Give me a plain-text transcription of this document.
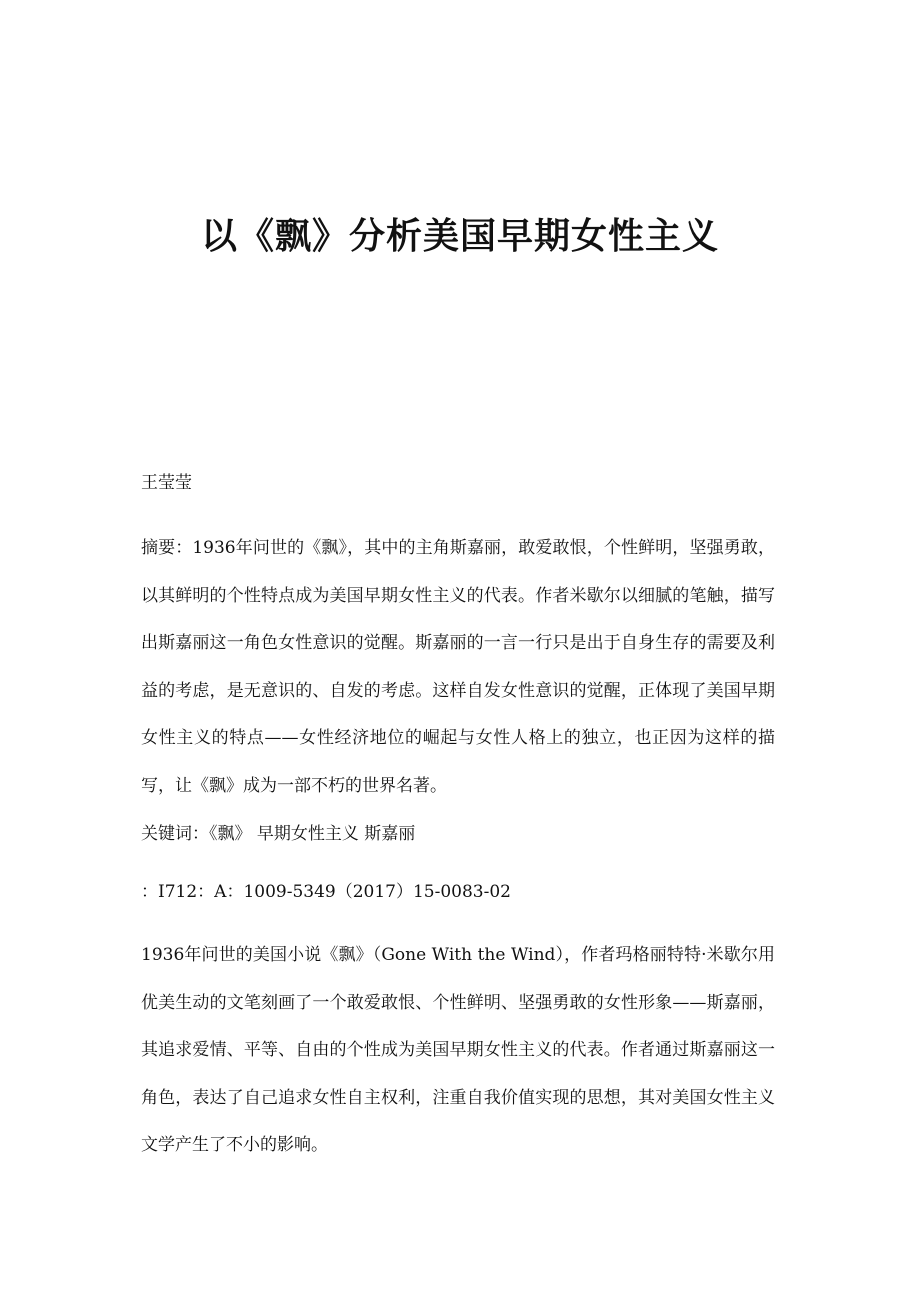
以《飘》分析美国早期女性主义

王莹莹

摘要：1936年问世的《飘》，其中的主角斯嘉丽，敢爱敢恨，个性鲜明，坚强勇敢，以其鲜明的个性特点成为美国早期女性主义的代表。作者米歇尔以细腻的笔触，描写出斯嘉丽这一角色女性意识的觉醒。斯嘉丽的一言一行只是出于自身生存的需要及利益的考虑，是无意识的、自发的考虑。这样自发女性意识的觉醒，正体现了美国早期女性主义的特点——女性经济地位的崛起与女性人格上的独立，也正因为这样的描写，让《飘》成为一部不朽的世界名著。

关键词：《飘》 早期女性主义 斯嘉丽

：I712：A：1009-5349（2017）15-0083-02

1936年问世的美国小说《飘》（Gone With the Wind），作者玛格丽特特·米歇尔用优美生动的文笔刻画了一个敢爱敢恨、个性鲜明、坚强勇敢的女性形象——斯嘉丽，其追求爱情、平等、自由的个性成为美国早期女性主义的代表。作者通过斯嘉丽这一角色，表达了自己追求女性自主权利，注重自我价值实现的思想，其对美国女性主义文学产生了不小的影响。
